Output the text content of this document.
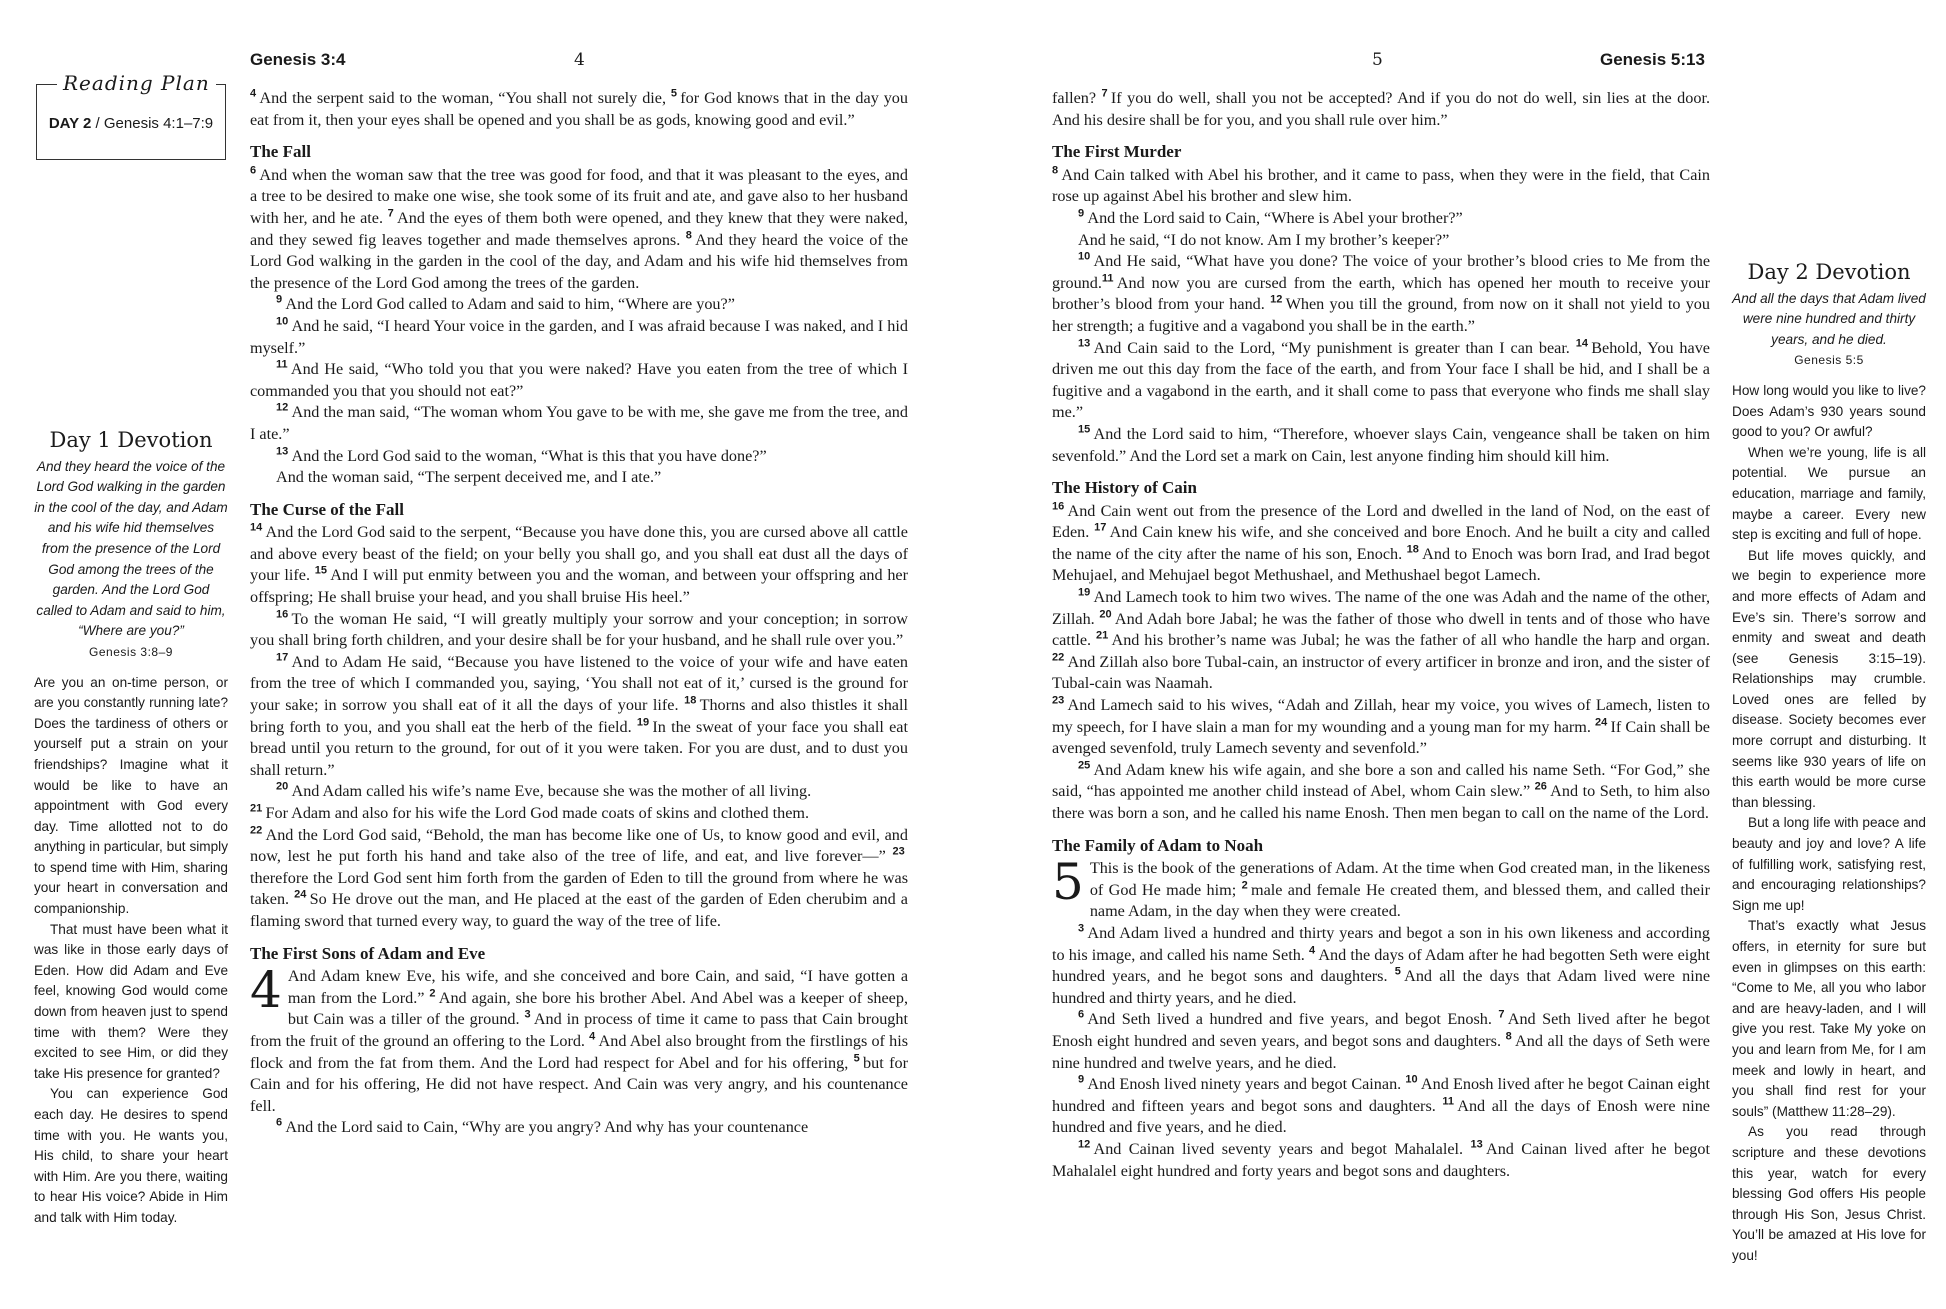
Genesis 3:4	4	5	Genesis 5:13
Reading Plan
DAY 2 / Genesis 4:1–7:9
Day 1 Devotion
And they heard the voice of the Lord God walking in the garden in the cool of the day, and Adam and his wife hid themselves from the presence of the Lord God among the trees of the garden. And the Lord God called to Adam and said to him, “Where are you?”
Genesis 3:8–9

Are you an on-time person, or are you constantly running late? Does the tardiness of others or yourself put a strain on your friendships? Imagine what it would be like to have an appointment with God every day. Time allotted not to do anything in particular, but simply to spend time with Him, sharing your heart in conversation and companionship.

That must have been what it was like in those early days of Eden. How did Adam and Eve feel, knowing God would come down from heaven just to spend time with them? Were they excited to see Him, or did they take His presence for granted?

You can experience God each day. He desires to spend time with you. He wants you, His child, to share your heart with Him. Are you there, waiting to hear His voice? Abide in Him and talk with Him today.

Day 2 Devotion
And all the days that Adam lived were nine hundred and thirty years, and he died.
Genesis 5:5

How long would you like to live? Does Adam’s 930 years sound good to you? Or awful?

When we’re young, life is all potential. We pursue an education, marriage and family, maybe a career. Every new step is exciting and full of hope.

But life moves quickly, and we begin to experience more and more effects of Adam and Eve’s sin. There’s sorrow and enmity and sweat and death (see Genesis 3:15–19). Relationships may crumble. Loved ones are felled by disease. Society becomes ever more corrupt and disturbing. It seems like 930 years of life on this earth would be more curse than blessing.

But a long life with peace and beauty and joy and love? A life of fulfilling work, satisfying rest, and encouraging relationships? Sign me up!

That’s exactly what Jesus offers, in eternity for sure but even in glimpses on this earth: “Come to Me, all you who labor and are heavy-laden, and I will give you rest. Take My yoke on you and learn from Me, for I am meek and lowly in heart, and you shall find rest for your souls” (Matthew 11:28–29).

As you read through scripture and these devotions this year, watch for every blessing God offers His people through His Son, Jesus Christ. You’ll be amazed at His love for you!

$^4$  And the serpent said to the woman, “You shall not surely die, $^5$  for God knows that in the day you eat from it, then your eyes shall be opened and you shall be as gods, knowing good and evil.”

The Fall

$^6$  And when the woman saw that the tree was good for food, and that it was pleasant to the eyes, and a tree to be desired to make one wise, she took some of its fruit and ate, and gave also to her husband with her, and he ate. $^7$  And the eyes of them both were opened, and they knew that they were naked, and they sewed fig leaves together and made themselves aprons. $^8$  And they heard the voice of the Lord God walking in the garden in the cool of the day, and Adam and his wife hid themselves from the presence of the Lord God among the trees of the garden.

$^9$  And the Lord God called to Adam and said to him, “Where are you?”

$^{10}$  And he said, “I heard Your voice in the garden, and I was afraid because I was naked, and I hid myself.”

$^{11}$  And He said, “Who told you that you were naked? Have you eaten from the tree of which I commanded you that you should not eat?”

$^{12}$  And the man said, “The woman whom You gave to be with me, she gave me from the tree, and I ate.”

$^{13}$  And the Lord God said to the woman, “What is this that you have done?”

And the woman said, “The serpent deceived me, and I ate.”

The Curse of the Fall

$^{14}$  And the Lord God said to the serpent, “Because you have done this, you are cursed above all cattle and above every beast of the field; on your belly you shall go, and you shall eat dust all the days of your life. $^{15}$  And I will put enmity between you and the woman, and between your offspring and her offspring; He shall bruise your head, and you shall bruise His heel.”

$^{16}$  To the woman He said, “I will greatly multiply your sorrow and your conception; in sorrow you shall bring forth children, and your desire shall be for your husband, and he shall rule over you.”

$^{17}$  And to Adam He said, “Because you have listened to the voice of your wife and have eaten from the tree of which I commanded you, saying, ‘You shall not eat of it,’ cursed is the ground for your sake; in sorrow you shall eat of it all the days of your life. $^{18}$  Thorns and also thistles it shall bring forth to you, and you shall eat the herb of the field. $^{19}$  In the sweat of your face you shall eat bread until you return to the ground, for out of it you were taken. For you are dust, and to dust you shall return.”

$^{20}$  And Adam called his wife’s name Eve, because she was the mother of all living.

$^{21}$  For Adam and also for his wife the Lord God made coats of skins and clothed them.

$^{22}$  And the Lord God said, “Behold, the man has become like one of Us, to know good and evil, and now, lest he put forth his hand and take also of the tree of life, and eat, and live forever—” $^{23}$ therefore the Lord God sent him forth from the garden of Eden to till the ground from where he was taken. $^{24}$  So He drove out the man, and He placed at the east of the garden of Eden cherubim and a flaming sword that turned every way, to guard the way of the tree of life.

The First Sons of Adam and Eve

4 And Adam knew Eve, his wife, and she conceived and bore Cain, and said, “I have gotten a man from the Lord.” $^2$  And again, she bore his brother Abel. And Abel was a keeper of sheep, but Cain was a tiller of the ground. $^3$  And in process of time it came to pass that Cain brought from the fruit of the ground an offering to the Lord. $^4$  And Abel also brought from the firstlings of his flock and from the fat from them. And the Lord had respect for Abel and for his offering, $^5$  but for Cain and for his offering, He did not have respect. And Cain was very angry, and his countenance fell.

$^6$  And the Lord said to Cain, “Why are you angry? And why has your countenance

fallen? $^7$  If you do well, shall you not be accepted? And if you do not do well, sin lies at the door. And his desire shall be for you, and you shall rule over him.”

The First Murder

$^8$  And Cain talked with Abel his brother, and it came to pass, when they were in the field, that Cain rose up against Abel his brother and slew him.

$^9$  And the Lord said to Cain, “Where is Abel your brother?”

And he said, “I do not know. Am I my brother’s keeper?”

$^{10}$  And He said, “What have you done? The voice of your brother’s blood cries to Me from the ground.$^{11}$  And now you are cursed from the earth, which has opened her mouth to receive your brother’s blood from your hand. $^{12}$  When you till the ground, from now on it shall not yield to you her strength; a fugitive and a vagabond you shall be in the earth.”

$^{13}$  And Cain said to the Lord, “My punishment is greater than I can bear. $^{14}$  Behold, You have driven me out this day from the face of the earth, and from Your face I shall be hid, and I shall be a fugitive and a vagabond in the earth, and it shall come to pass that everyone who finds me shall slay me.”

$^{15}$  And the Lord said to him, “Therefore, whoever slays Cain, vengeance shall be taken on him sevenfold.” And the Lord set a mark on Cain, lest anyone finding him should kill him.

The History of Cain

$^{16}$  And Cain went out from the presence of the Lord and dwelled in the land of Nod, on the east of Eden. $^{17}$  And Cain knew his wife, and she conceived and bore Enoch. And he built a city and called the name of the city after the name of his son, Enoch. $^{18}$  And to Enoch was born Irad, and Irad begot Mehujael, and Mehujael begot Methushael, and Methushael begot Lamech.

$^{19}$  And Lamech took to him two wives. The name of the one was Adah and the name of the other, Zillah. $^{20}$  And Adah bore Jabal; he was the father of those who dwell in tents and of those who have cattle. $^{21}$  And his brother’s name was Jubal; he was the father of all who handle the harp and organ. $^{22}$  And Zillah also bore Tubal-cain, an instructor of every artificer in bronze and iron, and the sister of Tubal-cain was Naamah.

$^{23}$  And Lamech said to his wives, “Adah and Zillah, hear my voice, you wives of Lamech, listen to my speech, for I have slain a man for my wounding and a young man for my harm. $^{24}$  If Cain shall be avenged sevenfold, truly Lamech seventy and sevenfold.”

$^{25}$  And Adam knew his wife again, and she bore a son and called his name Seth. “For God,” she said, “has appointed me another child instead of Abel, whom Cain slew.” $^{26}$  And to Seth, to him also there was born a son, and he called his name Enosh. Then men began to call on the name of the Lord.

The Family of Adam to Noah

5 This is the book of the generations of Adam. At the time when God created man, in the likeness of God He made him; $^2$  male and female He created them, and blessed them, and called their name Adam, in the day when they were created.

$^3$  And Adam lived a hundred and thirty years and begot a son in his own likeness and according to his image, and called his name Seth. $^4$  And the days of Adam after he had begotten Seth were eight hundred years, and he begot sons and daughters. $^5$  And all the days that Adam lived were nine hundred and thirty years, and he died.

$^6$  And Seth lived a hundred and five years, and begot Enosh. $^7$  And Seth lived after he begot Enosh eight hundred and seven years, and begot sons and daughters. $^8$  And all the days of Seth were nine hundred and twelve years, and he died.

$^9$  And Enosh lived ninety years and begot Cainan. $^{10}$  And Enosh lived after he begot Cainan eight hundred and fifteen years and begot sons and daughters. $^{11}$  And all the days of Enosh were nine hundred and five years, and he died.

$^{12}$  And Cainan lived seventy years and begot Mahalalel. $^{13}$  And Cainan lived after he begot Mahalalel eight hundred and forty years and begot sons and daughters.
